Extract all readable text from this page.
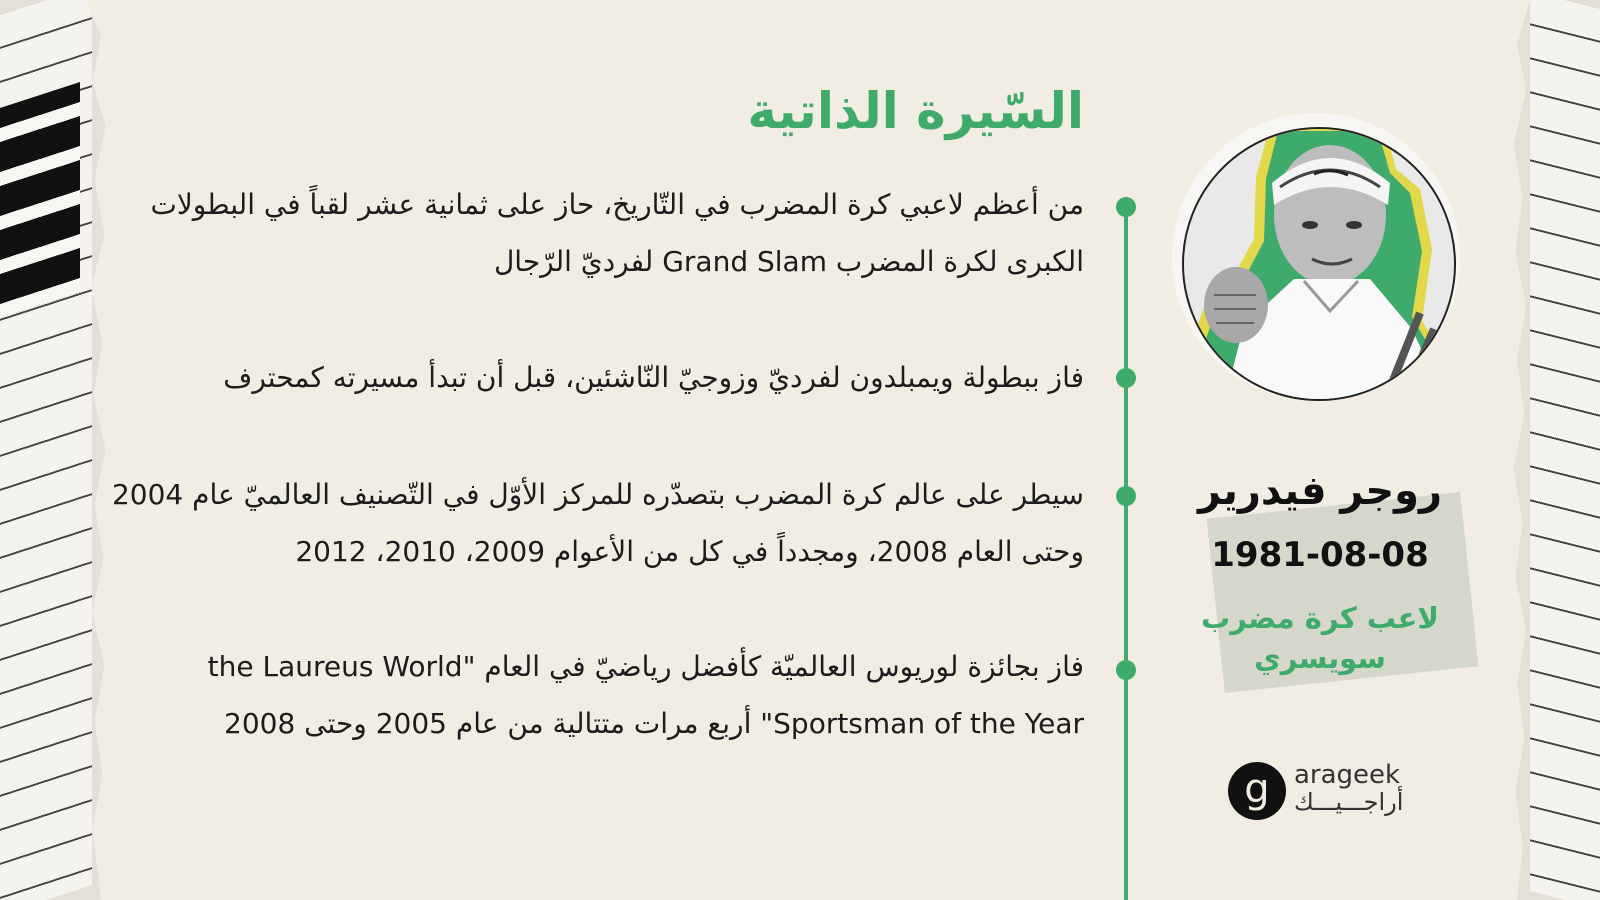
السّيرة الذاتية
من أعظم لاعبي كرة المضرب في التّاريخ، حاز على ثمانية عشر لقباً في البطولات الكبرى لكرة المضرب Grand Slam لفرديّ الرّجال
فاز ببطولة ويمبلدون لفرديّ وزوجيّ النّاشئين، قبل أن تبدأ مسيرته كمحترف
سيطر على عالم كرة المضرب بتصدّره للمركز الأوّل في التّصنيف العالميّ عام 2004 وحتى العام 2008، ومجدداً في كل من الأعوام 2009، 2010، 2012
فاز بجائزة لوريوس العالميّة كأفضل رياضيّ في العام "the Laureus World Sportsman of the Year" أربع مرات متتالية من عام 2005 وحتى 2008
روجر فيدرير
1981-08-08
لاعب كرة مضرب سويسري
g arageek
أراجـــيـــك
